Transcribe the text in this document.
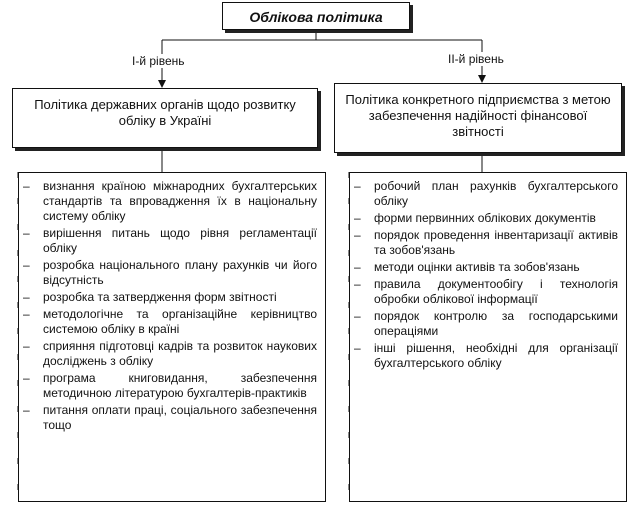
Облікова політика
І-й рівень	ІІ-й рівень
Політика державних органів щодо розвитку обліку в Україні
Політика конкретного підприємства з метою забезпечення надійності фінансової звітності
– визнання країною міжнародних бухгалтерських стандартів та впровадження їх в національну систему обліку
– вирішення питань щодо рівня регламентації обліку
– розробка національного плану рахунків чи його відсутність
– розробка та затвердження форм звітності
– методологічне та організаційне керівництво системою обліку в країні
– сприяння підготовці кадрів та розвиток наукових досліджень з обліку
– програма книговидання, забезпечення методичною літературою бухгалтерів-практиків
– питання оплати праці, соціального забезпечення тощо
– робочий план рахунків бухгалтерського обліку
– форми первинних облікових документів
– порядок проведення інвентаризації активів та зобов'язань
– методи оцінки активів та зобов'язань
– правила документообігу і технологія обробки облікової інформації
– порядок контролю за господарськими операціями
– інші рішення, необхідні для організації бухгалтерського обліку
